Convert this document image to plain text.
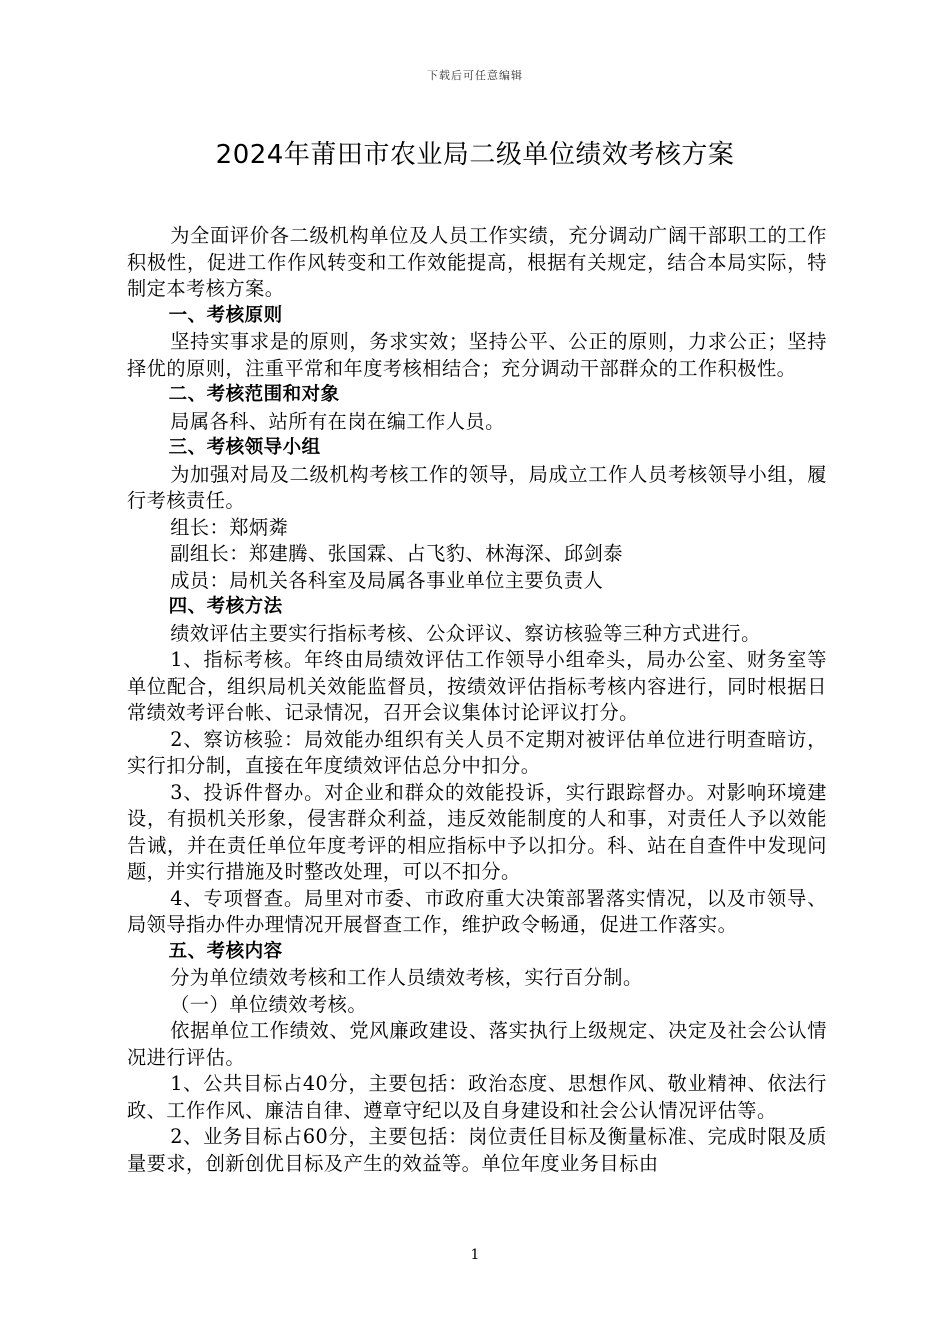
下载后可任意编辑
2024年莆田市农业局二级单位绩效考核方案

为全面评价各二级机构单位及人员工作实绩，充分调动广阔干部职工的工作积极性，促进工作作风转变和工作效能提高，根据有关规定，结合本局实际，特制定本考核方案。

一、考核原则

坚持实事求是的原则，务求实效；坚持公平、公正的原则，力求公正；坚持择优的原则，注重平常和年度考核相结合；充分调动干部群众的工作积极性。

二、考核范围和对象

局属各科、站所有在岗在编工作人员。

三、考核领导小组

为加强对局及二级机构考核工作的领导，局成立工作人员考核领导小组，履行考核责任。

组长：郑炳粦

副组长：郑建腾、张国霖、占飞豹、林海深、邱剑泰

成员：局机关各科室及局属各事业单位主要负责人

四、考核方法

绩效评估主要实行指标考核、公众评议、察访核验等三种方式进行。

1、指标考核。年终由局绩效评估工作领导小组牵头，局办公室、财务室等单位配合，组织局机关效能监督员，按绩效评估指标考核内容进行，同时根据日常绩效考评台帐、记录情况，召开会议集体讨论评议打分。

2、察访核验：局效能办组织有关人员不定期对被评估单位进行明查暗访，实行扣分制，直接在年度绩效评估总分中扣分。

3、投诉件督办。对企业和群众的效能投诉，实行跟踪督办。对影响环境建设，有损机关形象，侵害群众利益，违反效能制度的人和事，对责任人予以效能告诫，并在责任单位年度考评的相应指标中予以扣分。科、站在自查件中发现问题，并实行措施及时整改处理，可以不扣分。

4、专项督查。局里对市委、市政府重大决策部署落实情况，以及市领导、局领导指办件办理情况开展督查工作，维护政令畅通，促进工作落实。

五、考核内容

分为单位绩效考核和工作人员绩效考核，实行百分制。

（一）单位绩效考核。

依据单位工作绩效、党风廉政建设、落实执行上级规定、决定及社会公认情况进行评估。

1、公共目标占40分，主要包括：政治态度、思想作风、敬业精神、依法行政、工作作风、廉洁自律、遵章守纪以及自身建设和社会公认情况评估等。

2、业务目标占60分，主要包括：岗位责任目标及衡量标准、完成时限及质量要求，创新创优目标及产生的效益等。单位年度业务目标由

1
